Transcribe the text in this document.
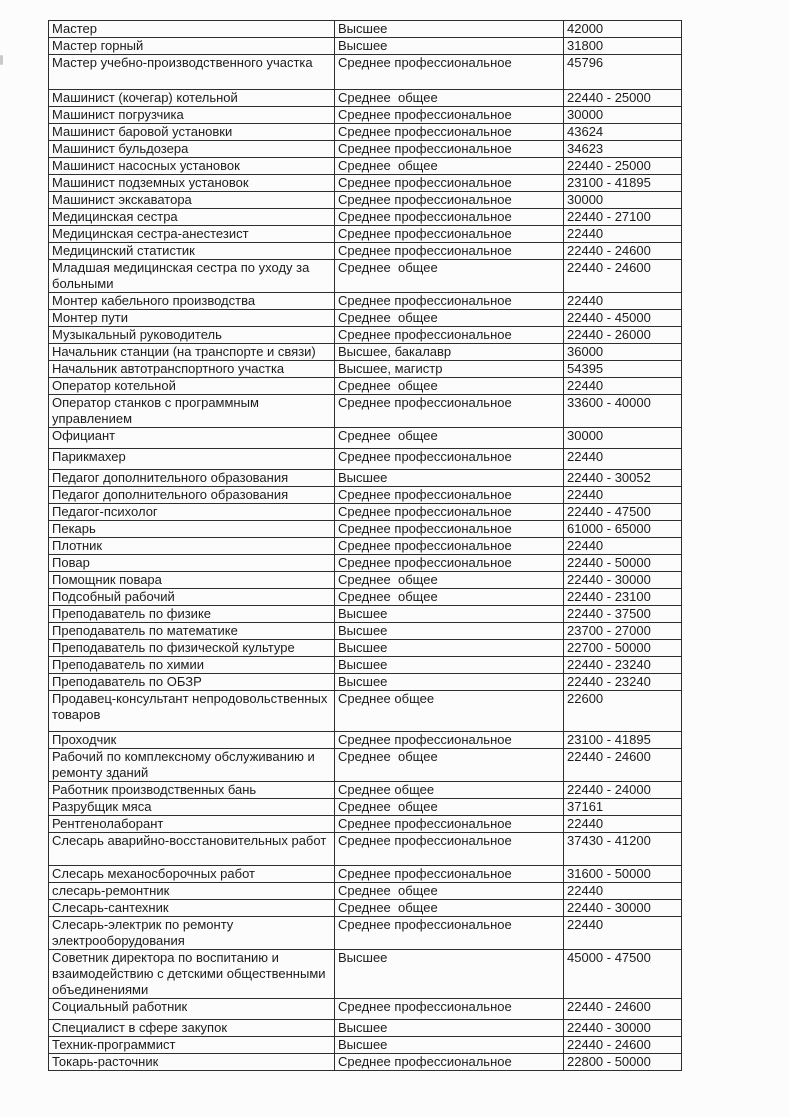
Мастер	Высшее	42000
Мастер горный	Высшее	31800
Мастер учебно-производственного участка	Среднее профессиональное	45796
Машинист (кочегар) котельной	Среднее  общее	22440 - 25000
Машинист погрузчика	Среднее профессиональное	30000
Машинист баровой установки	Среднее профессиональное	43624
Машинист бульдозера	Среднее профессиональное	34623
Машинист насосных установок	Среднее  общее	22440 - 25000
Машинист подземных установок	Среднее профессиональное	23100 - 41895
Машинист экскаватора	Среднее профессиональное	30000
Медицинская сестра	Среднее профессиональное	22440 - 27100
Медицинская сестра-анестезист	Среднее профессиональное	22440
Медицинский статистик	Среднее профессиональное	22440 - 24600
Младшая медицинская сестра по уходу за больными	Среднее  общее	22440 - 24600
Монтер кабельного производства	Среднее профессиональное	22440
Монтер пути	Среднее  общее	22440 - 45000
Музыкальный руководитель	Среднее профессиональное	22440 - 26000
Начальник станции (на транспорте и связи)	Высшее, бакалавр	36000
Начальник автотранспортного участка	Высшее, магистр	54395
Оператор котельной	Среднее  общее	22440
Оператор станков с программным управлением	Среднее профессиональное	33600 - 40000
Официант	Среднее  общее	30000
Парикмахер	Среднее профессиональное	22440
Педагог дополнительного образования	Высшее	22440 - 30052
Педагог дополнительного образования	Среднее профессиональное	22440
Педагог-психолог	Среднее профессиональное	22440 - 47500
Пекарь	Среднее профессиональное	61000 - 65000
Плотник	Среднее профессиональное	22440
Повар	Среднее профессиональное	22440 - 50000
Помощник повара	Среднее  общее	22440 - 30000
Подсобный рабочий	Среднее  общее	22440 - 23100
Преподаватель по физике	Высшее	22440 - 37500
Преподаватель по математике	Высшее	23700 - 27000
Преподаватель по физической культуре	Высшее	22700 - 50000
Преподаватель по химии	Высшее	22440 - 23240
Преподаватель по ОБЗР	Высшее	22440 - 23240
Продавец-консультант непродовольственных товаров	Среднее общее	22600
Проходчик	Среднее профессиональное	23100 - 41895
Рабочий по комплексному обслуживанию и ремонту зданий	Среднее  общее	22440 - 24600
Работник производственных бань	Среднее общее	22440 - 24000
Разрубщик мяса	Среднее  общее	37161
Рентгенолаборант	Среднее профессиональное	22440
Слесарь аварийно-восстановительных работ	Среднее профессиональное	37430 - 41200
Слесарь механосборочных работ	Среднее профессиональное	31600 - 50000
слесарь-ремонтник	Среднее  общее	22440
Слесарь-сантехник	Среднее  общее	22440 - 30000
Слесарь-электрик по ремонту электрооборудования	Среднее профессиональное	22440
Советник директора по воспитанию и взаимодействию с детскими общественными объединениями	Высшее	45000 - 47500
Социальный работник	Среднее профессиональное	22440 - 24600
Специалист в сфере закупок	Высшее	22440 - 30000
Техник-программист	Высшее	22440 - 24600
Токарь-расточник	Среднее профессиональное	22800 - 50000
